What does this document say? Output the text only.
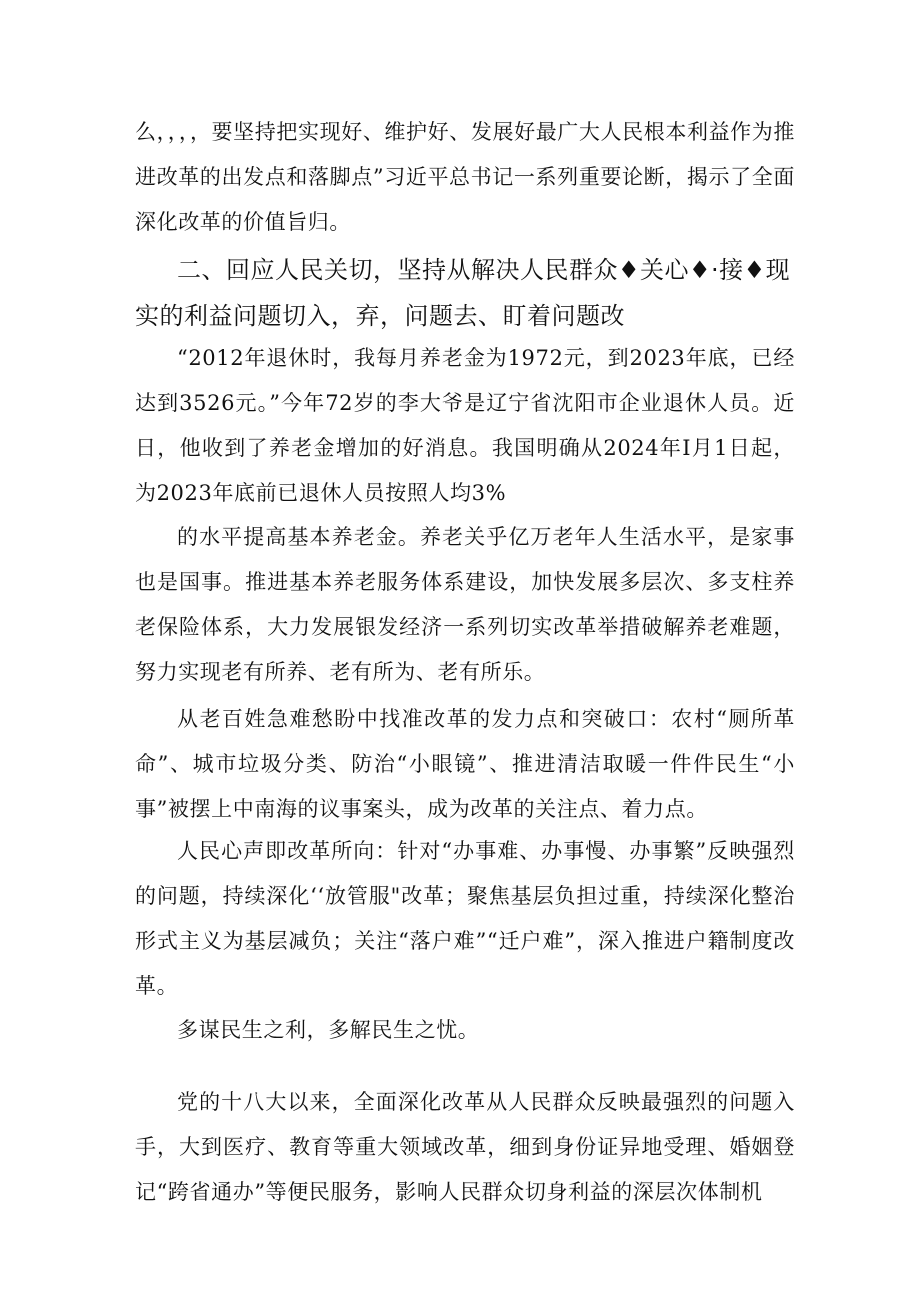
么，，，，要坚持把实现好、维护好、发展好最广大人民根本利益作为推进改革的出发点和落脚点”习近平总书记一系列重要论断，揭示了全面深化改革的价值旨归。
二、回应人民关切，坚持从解决人民群众♦关心♦·接♦现实的利益问题切入，弃，问题去、盯着问题改
“2012年退休时，我每月养老金为1972元，到2023年底，已经达到3526元。”今年72岁的李大爷是辽宁省沈阳市企业退休人员。近日，他收到了养老金增加的好消息。我国明确从2024年I月1日起，为2023年底前已退休人员按照人均3%
的水平提高基本养老金。养老关乎亿万老年人生活水平，是家事也是国事。推进基本养老服务体系建设，加快发展多层次、多支柱养老保险体系，大力发展银发经济一系列切实改革举措破解养老难题，努力实现老有所养、老有所为、老有所乐。
从老百姓急难愁盼中找准改革的发力点和突破口：农村“厕所革命”、城市垃圾分类、防治“小眼镜”、推进清洁取暖一件件民生“小事”被摆上中南海的议事案头，成为改革的关注点、着力点。
人民心声即改革所向：针对“办事难、办事慢、办事繁”反映强烈的问题，持续深化‘‘放管服"改革；聚焦基层负担过重，持续深化整治形式主义为基层减负；关注“落户难”“迁户难”，深入推进户籍制度改革。
多谋民生之利，多解民生之忧。
党的十八大以来，全面深化改革从人民群众反映最强烈的问题入手，大到医疗、教育等重大领域改革，细到身份证异地受理、婚姻登记“跨省通办”等便民服务，影响人民群众切身利益的深层次体制机
